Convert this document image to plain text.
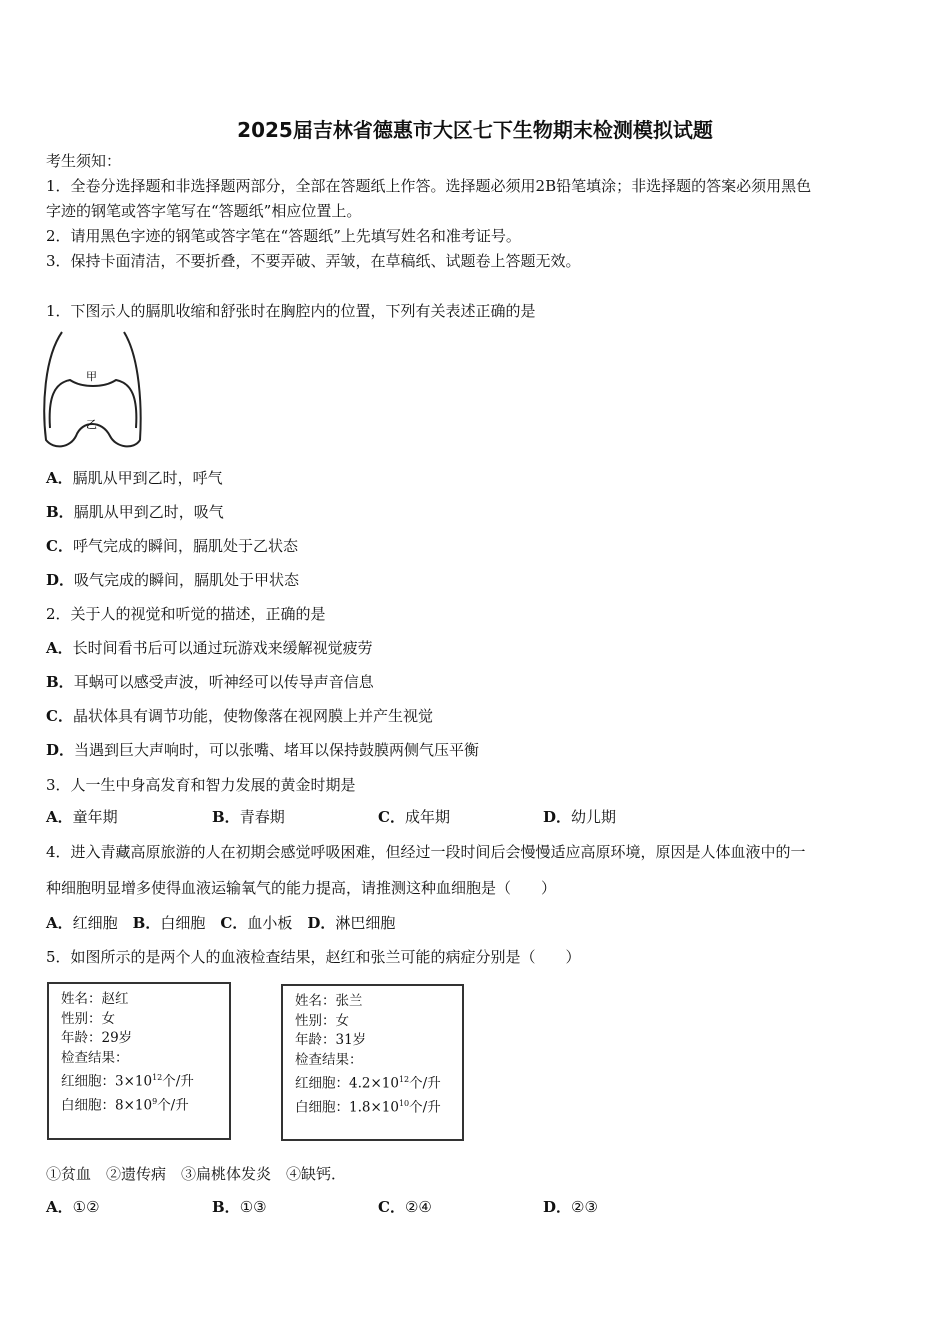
2025届吉林省德惠市大区七下生物期末检测模拟试题
考生须知：
1．全卷分选择题和非选择题两部分，全部在答题纸上作答。选择题必须用2B铅笔填涂；非选择题的答案必须用黑色
字迹的钢笔或答字笔写在“答题纸”相应位置上。
2．请用黑色字迹的钢笔或答字笔在“答题纸”上先填写姓名和准考证号。
3．保持卡面清洁，不要折叠，不要弄破、弄皱，在草稿纸、试题卷上答题无效。
1．下图示人的膈肌收缩和舒张时在胸腔内的位置，下列有关表述正确的是
甲
乙
A．膈肌从甲到乙时，呼气
B．膈肌从甲到乙时，吸气
C．呼气完成的瞬间，膈肌处于乙状态
D．吸气完成的瞬间，膈肌处于甲状态
2．关于人的视觉和听觉的描述，正确的是
A．长时间看书后可以通过玩游戏来缓解视觉疲劳
B．耳蜗可以感受声波，听神经可以传导声音信息
C．晶状体具有调节功能，使物像落在视网膜上并产生视觉
D．当遇到巨大声响时，可以张嘴、堵耳以保持鼓膜两侧气压平衡
3．人一生中身高发育和智力发展的黄金时期是
A．童年期	B．青春期	C．成年期	D．幼儿期
4．进入青藏高原旅游的人在初期会感觉呼吸困难，但经过一段时间后会慢慢适应高原环境，原因是人体血液中的一
种细胞明显增多使得血液运输氧气的能力提高，请推测这种血细胞是（　　）
A．红细胞　 B．白细胞　 C．血小板　 D．淋巴细胞
5．如图所示的是两个人的血液检查结果，赵红和张兰可能的病症分别是（　　）
姓名：赵红
性别：女
年龄：29岁
检查结果：
红细胞：$3\times 10^{12}$个/升
白细胞：$8\times 10^9$个/升
姓名：张兰
性别：女
年龄：31岁
检查结果：
红细胞：$4.2\times 10^{12}$个/升
白细胞：$1.8\times 10^{10}$个/升
①贫血　②遗传病　③扁桃体发炎　④缺钙．
A．①②	B．①③	C．②④	D．②③
